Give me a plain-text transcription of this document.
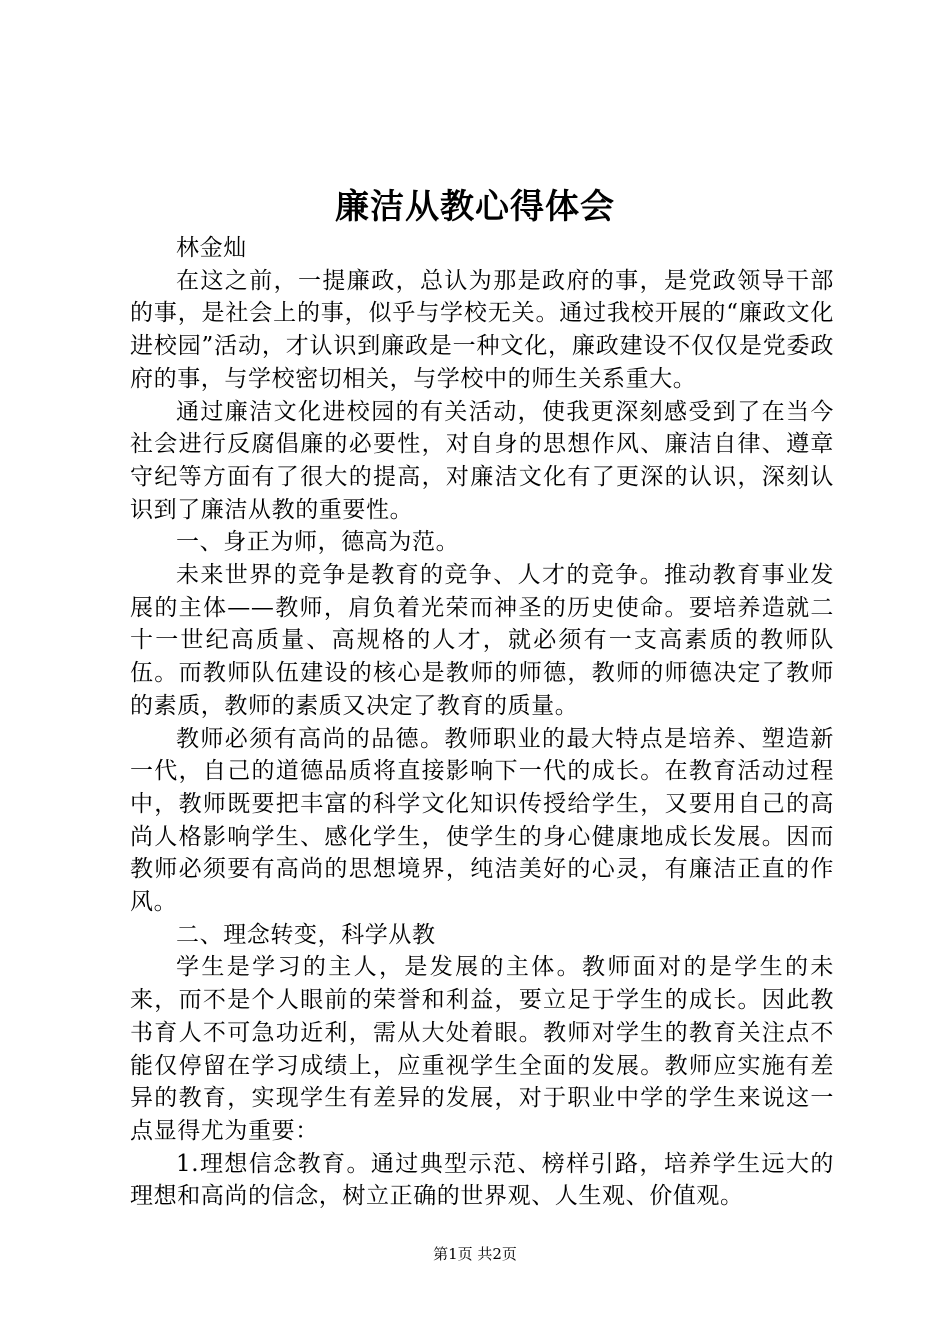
廉洁从教心得体会

林金灿

在这之前，一提廉政，总认为那是政府的事，是党政领导干部的事，是社会上的事，似乎与学校无关。通过我校开展的“廉政文化进校园”活动，才认识到廉政是一种文化，廉政建设不仅仅是党委政府的事，与学校密切相关，与学校中的师生关系重大。

通过廉洁文化进校园的有关活动，使我更深刻感受到了在当今社会进行反腐倡廉的必要性，对自身的思想作风、廉洁自律、遵章守纪等方面有了很大的提高，对廉洁文化有了更深的认识，深刻认识到了廉洁从教的重要性。

一、身正为师，德高为范。

未来世界的竞争是教育的竞争、人才的竞争。推动教育事业发展的主体——教师，肩负着光荣而神圣的历史使命。要培养造就二十一世纪高质量、高规格的人才，就必须有一支高素质的教师队伍。而教师队伍建设的核心是教师的师德，教师的师德决定了教师的素质，教师的素质又决定了教育的质量。

教师必须有高尚的品德。教师职业的最大特点是培养、塑造新一代，自己的道德品质将直接影响下一代的成长。在教育活动过程中，教师既要把丰富的科学文化知识传授给学生，又要用自己的高尚人格影响学生、感化学生，使学生的身心健康地成长发展。因而教师必须要有高尚的思想境界，纯洁美好的心灵，有廉洁正直的作风。

二、理念转变，科学从教

学生是学习的主人，是发展的主体。教师面对的是学生的未来，而不是个人眼前的荣誉和利益，要立足于学生的成长。因此教书育人不可急功近利，需从大处着眼。教师对学生的教育关注点不能仅停留在学习成绩上，应重视学生全面的发展。教师应实施有差异的教育，实现学生有差异的发展，对于职业中学的学生来说这一点显得尤为重要：

1.理想信念教育。通过典型示范、榜样引路，培养学生远大的理想和高尚的信念，树立正确的世界观、人生观、价值观。

第1页 共2页
